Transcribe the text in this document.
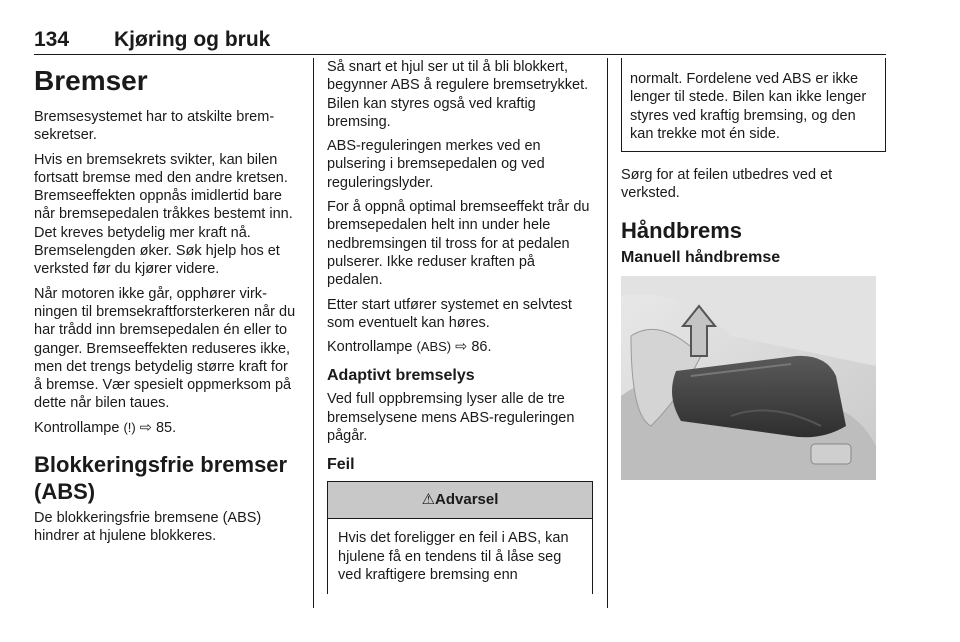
134 Kjøring og bruk
Bremser

Bremsesystemet har to atskilte bremsekretser.

Hvis en bremsekrets svikter, kan bilen fortsatt bremse med den andre kretsen. Bremseeffekten oppnås imidlertid bare når bremsepedalen tråkkes bestemt inn. Det kreves betydelig mer kraft nå. Bremselengden øker. Søk hjelp hos et verksted før du kjører videre.

Når motoren ikke går, opphører virkningen til bremsekraftforsterkeren når du har trådd inn bremsepedalen én eller to ganger. Bremseeffekten reduseres ikke, men det trengs betydelig større kraft for å bremse. Vær spesielt oppmerksom på dette når bilen taues.

Kontrollampe (!) ⇨ 85.

Blokkeringsfrie bremser (ABS)

De blokkeringsfrie bremsene (ABS) hindrer at hjulene blokkeres.

Så snart et hjul ser ut til å bli blokkert, begynner ABS å regulere bremsetrykket. Bilen kan styres også ved kraftig bremsing.

ABS-reguleringen merkes ved en pulsering i bremsepedalen og ved reguleringslyder.

For å oppnå optimal bremseeffekt trår du bremsepedalen helt inn under hele nedbremsingen til tross for at pedalen pulserer. Ikke reduser kraften på pedalen.

Etter start utfører systemet en selvtest som eventuelt kan høres.

Kontrollampe (ABS) ⇨ 86.

Adaptivt bremselys

Ved full oppbremsing lyser alle de tre bremselysene mens ABS-reguleringen pågår.

Feil
⚠Advarsel

Hvis det foreligger en feil i ABS, kan hjulene få en tendens til å låse seg ved kraftigere bremsing enn

normalt. Fordelene ved ABS er ikke lenger til stede. Bilen kan ikke lenger styres ved kraftig bremsing, og den kan trekke mot én side.

Sørg for at feilen utbedres ved et verksted.

Håndbrems
Manuell håndbremse
